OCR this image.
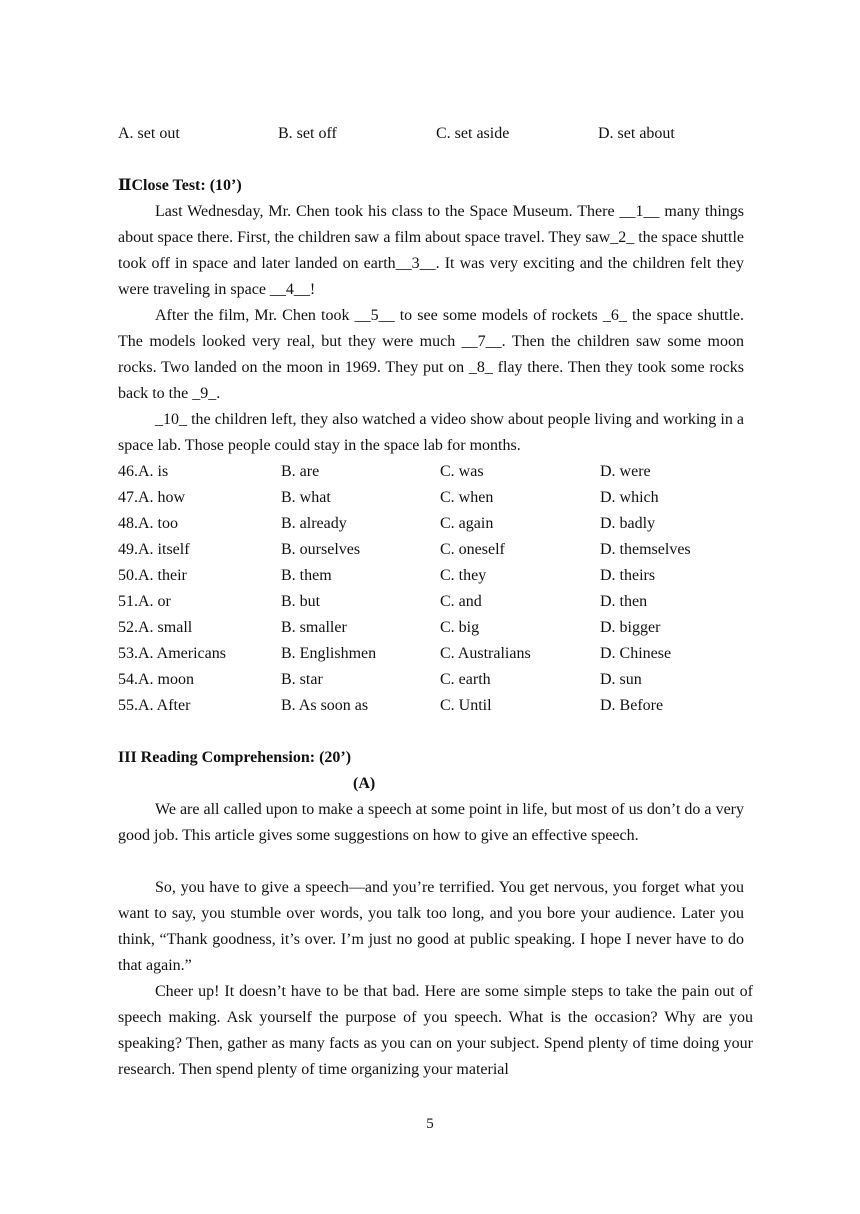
A. set out	B. set off	C. set aside	D. set about
ⅡClose Test: (10’)

Last Wednesday, Mr. Chen took his class to the Space Museum. There __1__ many things about space there. First, the children saw a film about space travel. They saw_2_ the space shuttle took off in space and later landed on earth__3__. It was very exciting and the children felt they were traveling in space __4__!

After the film, Mr. Chen took __5__ to see some models of rockets _6_ the space shuttle. The models looked very real, but they were much __7__. Then the children saw some moon rocks. Two landed on the moon in 1969. They put on _8_ flay there. Then they took some rocks back to the _9_.

_10_ the children left, they also watched a video show about people living and working in a space lab. Those people could stay in the space lab for months.

46.A. is	B. are	C. was	D. were
47.A. how	B. what	C. when	D. which
48.A. too	B. already	C. again	D. badly
49.A. itself	B. ourselves	C. oneself	D. themselves
50.A. their	B. them	C. they	D. theirs
51.A. or	B. but	C. and	D. then
52.A. small	B. smaller	C. big	D. bigger
53.A. Americans	B. Englishmen	C. Australians	D. Chinese
54.A. moon	B. star	C. earth	D. sun
55.A. After	B. As soon as	C. Until	D. Before
III Reading Comprehension: (20’)
(A)

We are all called upon to make a speech at some point in life, but most of us don’t do a very good job. This article gives some suggestions on how to give an effective speech.

So, you have to give a speech—and you’re terrified. You get nervous, you forget what you want to say, you stumble over words, you talk too long, and you bore your audience. Later you think, “Thank goodness, it’s over. I’m just no good at public speaking. I hope I never have to do that again.”

Cheer up! It doesn’t have to be that bad. Here are some simple steps to take the pain out of speech making. Ask yourself the purpose of you speech. What is the occasion? Why are you speaking? Then, gather as many facts as you can on your subject. Spend plenty of time doing your research. Then spend plenty of time organizing your material

5
